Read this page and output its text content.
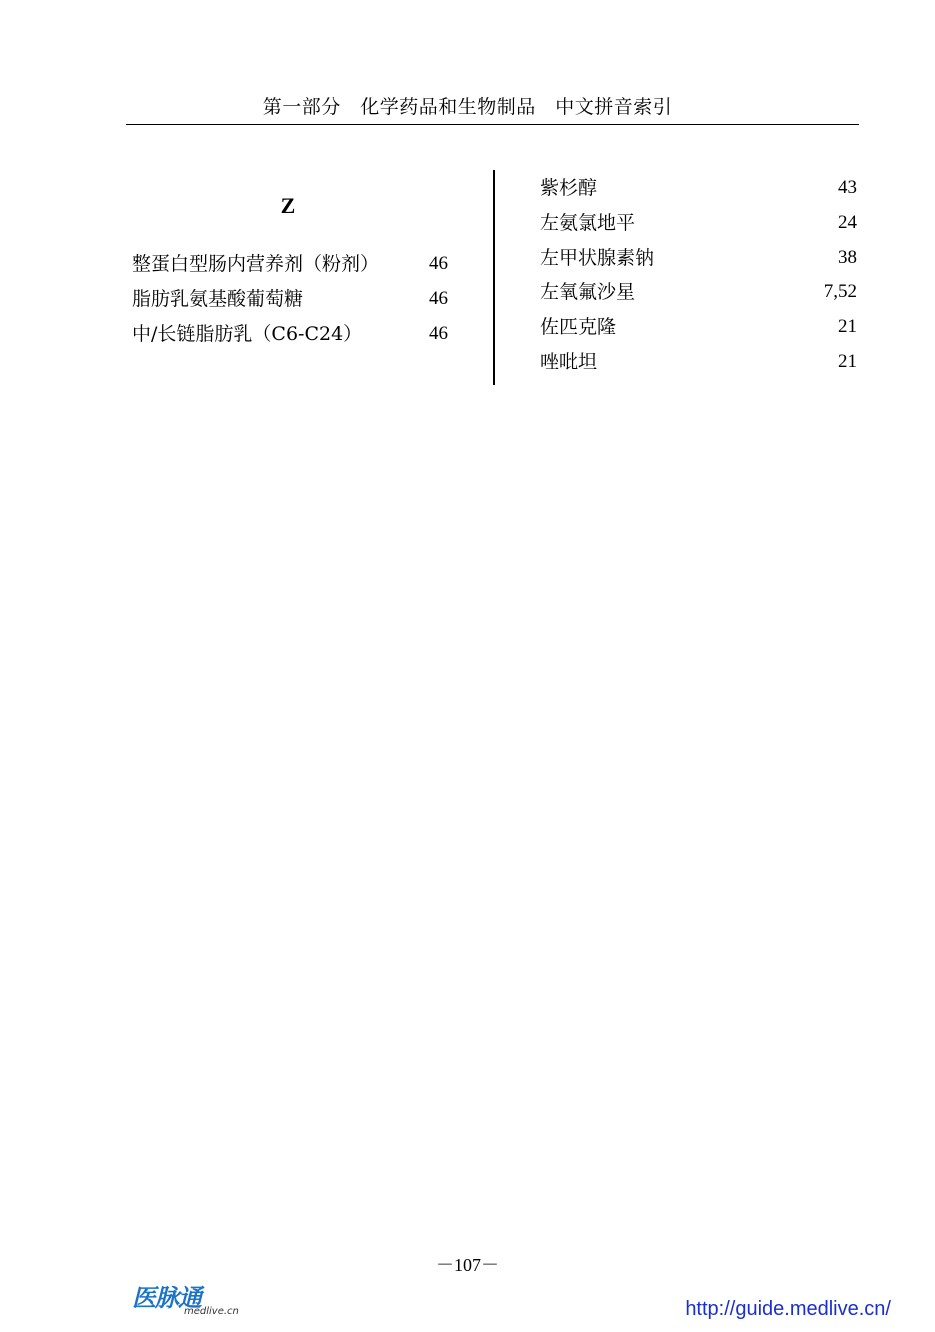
第一部分　化学药品和生物制品　中文拼音索引
Z
整蛋白型肠内营养剂（粉剂）	46
脂肪乳氨基酸葡萄糖	46
中/长链脂肪乳（C6-C24）	46
紫杉醇	43
左氨氯地平	24
左甲状腺素钠	38
左氧氟沙星	7,52
佐匹克隆	21
唑吡坦	21
－107－
医脉通
medlive.cn	http://guide.medlive.cn/
